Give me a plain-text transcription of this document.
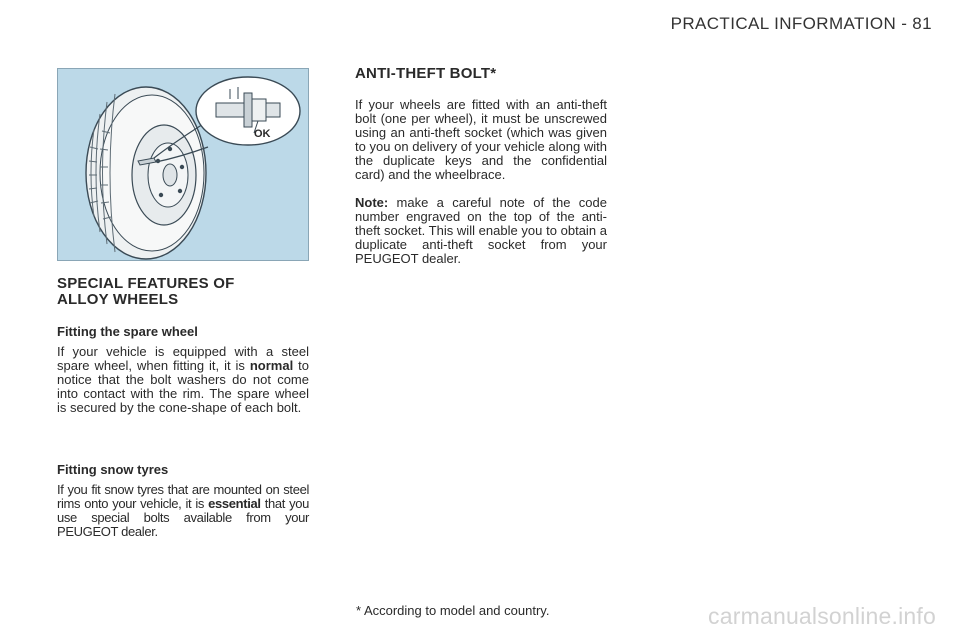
PRACTICAL INFORMATION - 81
OK
SPECIAL FEATURES OF
ALLOY WHEELS
Fitting the spare wheel

If your vehicle is equipped with a steel spare wheel, when fitting it, it is normal to notice that the bolt washers do not come into contact with the rim. The spare wheel is secured by the cone-shape of each bolt.

Fitting snow tyres

If you fit snow tyres that are mounted on steel rims onto your vehicle, it is essential that you use special bolts available from your PEUGEOT dealer.

ANTI-THEFT BOLT*

If your wheels are fitted with an anti-theft bolt (one per wheel), it must be unscrewed using an anti-theft socket (which was given to you on delivery of your vehicle along with the duplicate keys and the confidential card) and the wheelbrace.

Note: make a careful note of the code number engraved on the top of the anti-theft socket. This will enable you to obtain a duplicate anti-theft socket from your PEUGEOT dealer.

* According to model and country.	carmanualsonline.info
